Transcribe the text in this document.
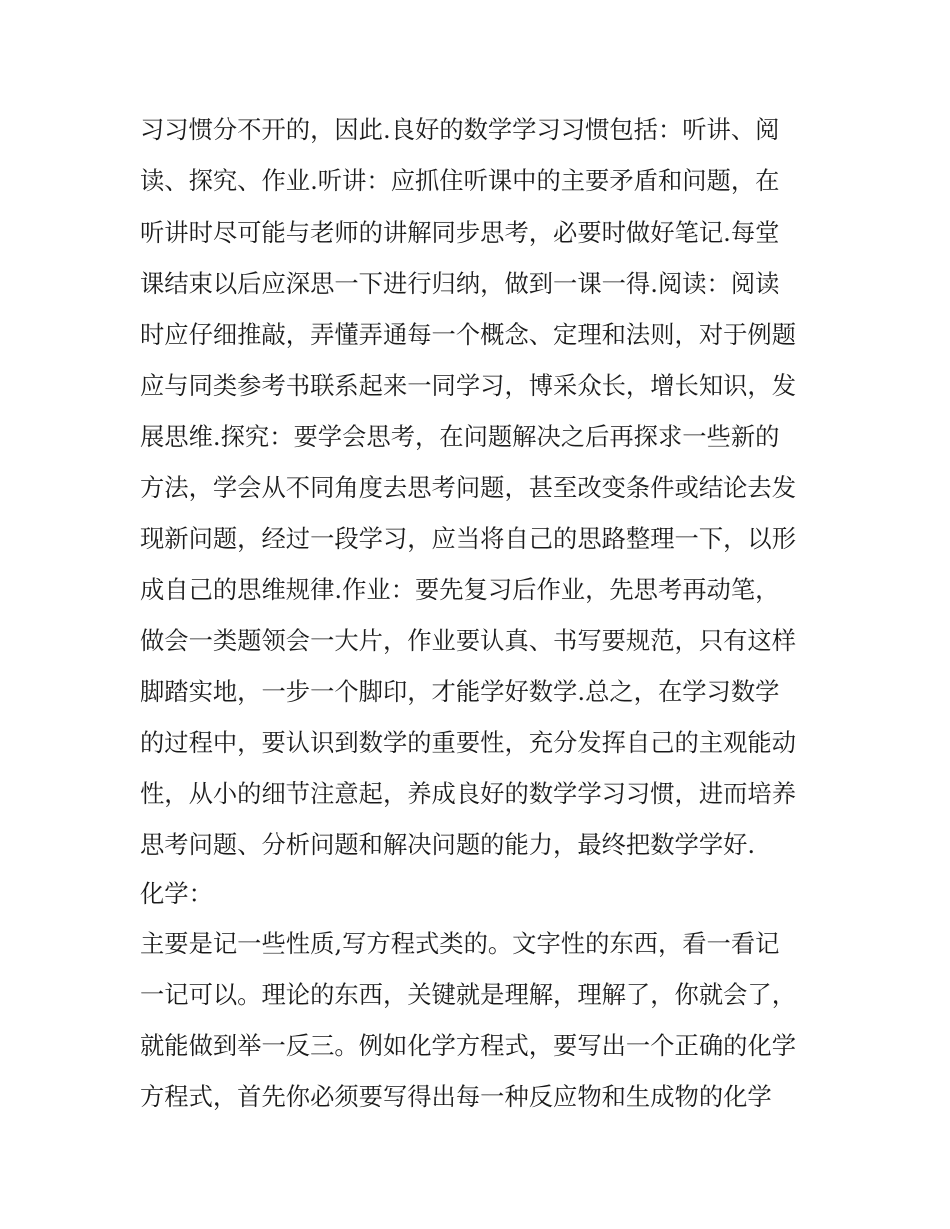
习习惯分不开的，因此.良好的数学学习习惯包括：听讲、阅
读、探究、作业.听讲：应抓住听课中的主要矛盾和问题，在
听讲时尽可能与老师的讲解同步思考，必要时做好笔记.每堂
课结束以后应深思一下进行归纳，做到一课一得.阅读：阅读
时应仔细推敲，弄懂弄通每一个概念、定理和法则，对于例题
应与同类参考书联系起来一同学习，博采众长，增长知识，发
展思维.探究：要学会思考，在问题解决之后再探求一些新的
方法，学会从不同角度去思考问题，甚至改变条件或结论去发
现新问题，经过一段学习，应当将自己的思路整理一下，以形
成自己的思维规律.作业：要先复习后作业，先思考再动笔，
做会一类题领会一大片，作业要认真、书写要规范，只有这样
脚踏实地，一步一个脚印，才能学好数学.总之，在学习数学
的过程中，要认识到数学的重要性，充分发挥自己的主观能动
性，从小的细节注意起，养成良好的数学学习习惯，进而培养
思考问题、分析问题和解决问题的能力，最终把数学学好.
化学：
主要是记一些性质,写方程式类的。文字性的东西，看一看记
一记可以。理论的东西，关键就是理解，理解了，你就会了，
就能做到举一反三。例如化学方程式，要写出一个正确的化学
方程式，首先你必须要写得出每一种反应物和生成物的化学
